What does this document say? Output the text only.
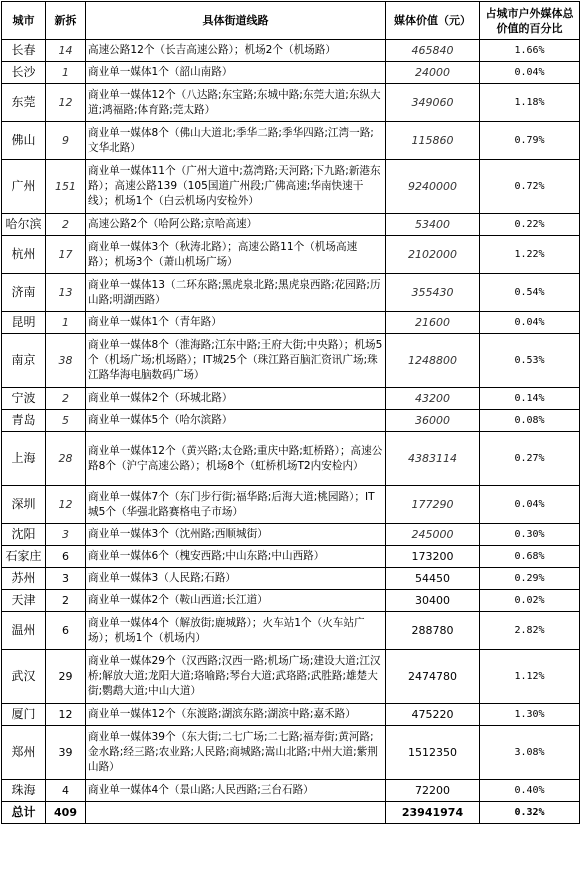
城市	新拆	具体街道线路	媒体价值（元）	占城市户外媒体总价值的百分比
长春	14	高速公路12个（长吉高速公路）；机场2个（机场路）	465840	1.66%
长沙	1	商业单一媒体1个（韶山南路）	24000	0.04%
东莞	12	商业单一媒体12个（八达路;东宝路;东城中路;东莞大道;东纵大道;鸿福路;体育路;莞太路）	349060	1.18%
佛山	9	商业单一媒体8个（佛山大道北;季华二路;季华四路;江湾一路;文华北路）	115860	0.79%
广州	151	商业单一媒体11个（广州大道中;荔湾路;天河路;下九路;新港东路）；高速公路139（105国道广州段;广佛高速;华南快速干线）；机场1个（白云机场内安检外）	9240000	0.72%
哈尔滨	2	高速公路2个（哈阿公路;京哈高速）	53400	0.22%
杭州	17	商业单一媒体3个（秋涛北路）；高速公路11个（机场高速路）；机场3个（萧山机场广场）	2102000	1.22%
济南	13	商业单一媒体13（二环东路;黑虎泉北路;黑虎泉西路;花园路;历山路;明湖西路）	355430	0.54%
昆明	1	商业单一媒体1个（青年路）	21600	0.04%
南京	38	商业单一媒体8个（淮海路;江东中路;王府大街;中央路）；机场5个（机场广场;机场路）；IT城25个（珠江路百脑汇资讯广场;珠江路华海电脑数码广场）	1248800	0.53%
宁波	2	商业单一媒体2个（环城北路）	43200	0.14%
青岛	5	商业单一媒体5个（哈尔滨路）	36000	0.08%
上海	28	商业单一媒体12个（黄兴路;太仓路;重庆中路;虹桥路）；高速公路8个（沪宁高速公路）；机场8个（虹桥机场T2内安检内）	4383114	0.27%
深圳	12	商业单一媒体7个（东门步行街;福华路;后海大道;桃园路）；IT城5个（华强北路赛格电子市场）	177290	0.04%
沈阳	3	商业单一媒体3个（沈州路;西顺城街）	245000	0.30%
石家庄	6	商业单一媒体6个（槐安西路;中山东路;中山西路）	173200	0.68%
苏州	3	商业单一媒体3（人民路;石路）	54450	0.29%
天津	2	商业单一媒体2个（鞍山西道;长江道）	30400	0.02%
温州	6	商业单一媒体4个（解放街;鹿城路）；火车站1个（火车站广场）；机场1个（机场内）	288780	2.82%
武汉	29	商业单一媒体29个（汉西路;汉西一路;机场广场;建设大道;江汉桥;解放大道;龙阳大道;珞喻路;琴台大道;武珞路;武胜路;雄楚大街;鹦鹉大道;中山大道）	2474780	1.12%
厦门	12	商业单一媒体12个（东渡路;湖滨东路;湖滨中路;嘉禾路）	475220	1.30%
郑州	39	商业单一媒体39个（东大街;二七广场;二七路;福寿街;黄河路;金水路;经三路;农业路;人民路;商城路;嵩山北路;中州大道;紫荆山路）	1512350	3.08%
珠海	4	商业单一媒体4个（景山路;人民西路;三台石路）	72200	0.40%
总计	409		23941974	0.32%
